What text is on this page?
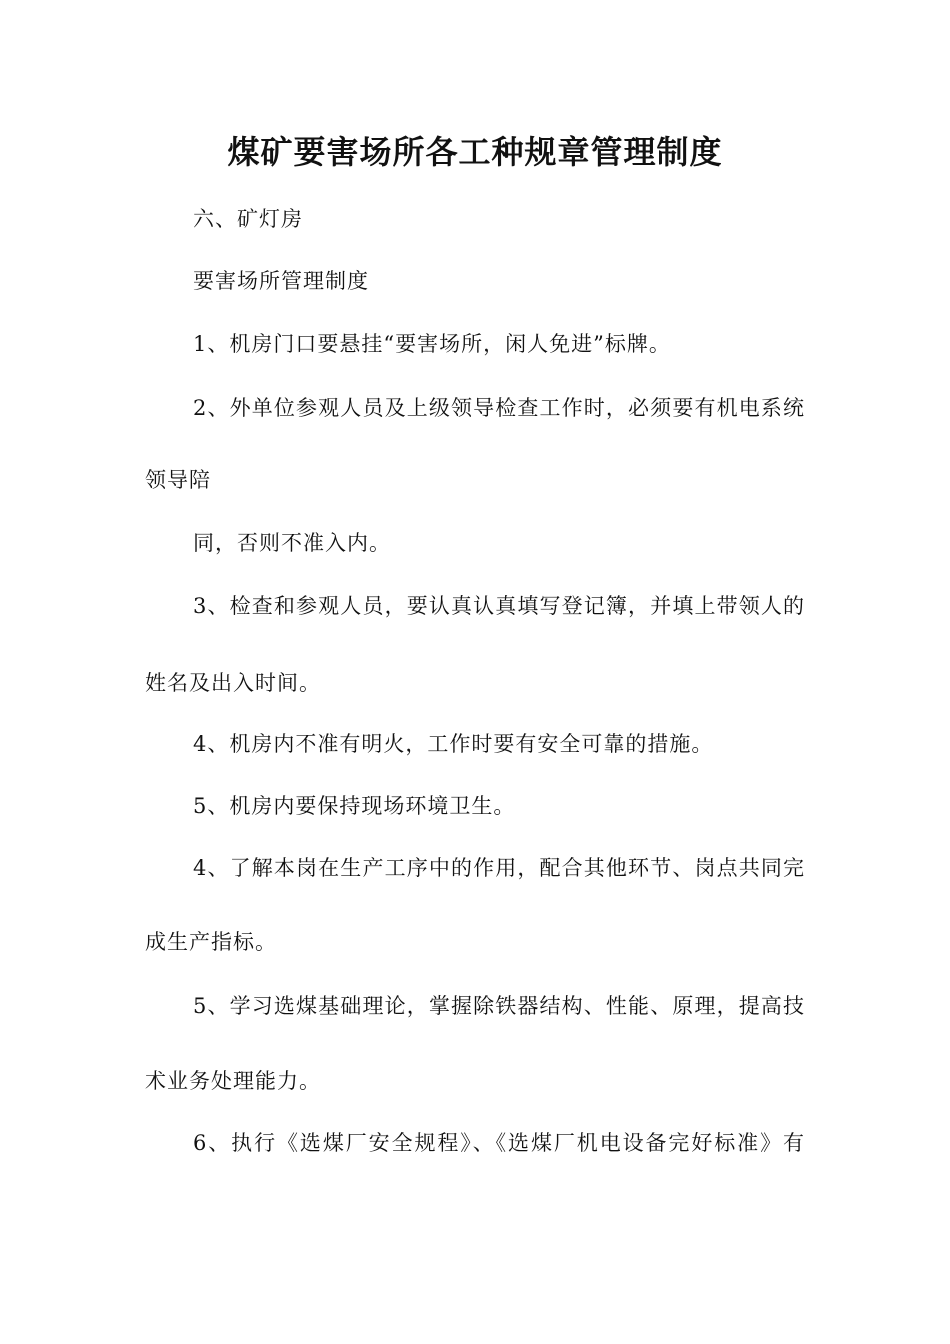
煤矿要害场所各工种规章管理制度
六、矿灯房
要害场所管理制度
1、机房门口要悬挂“要害场所，闲人免进”标牌。
2、外单位参观人员及上级领导检查工作时，必须要有机电系统
领导陪
同，否则不准入内。
3、检查和参观人员，要认真认真填写登记簿，并填上带领人的
姓名及出入时间。
4、机房内不准有明火，工作时要有安全可靠的措施。
5、机房内要保持现场环境卫生。
4、了解本岗在生产工序中的作用，配合其他环节、岗点共同完
成生产指标。
5、学习选煤基础理论，掌握除铁器结构、性能、原理，提高技
术业务处理能力。
6、执行《选煤厂安全规程》、《选煤厂机电设备完好标准》有
